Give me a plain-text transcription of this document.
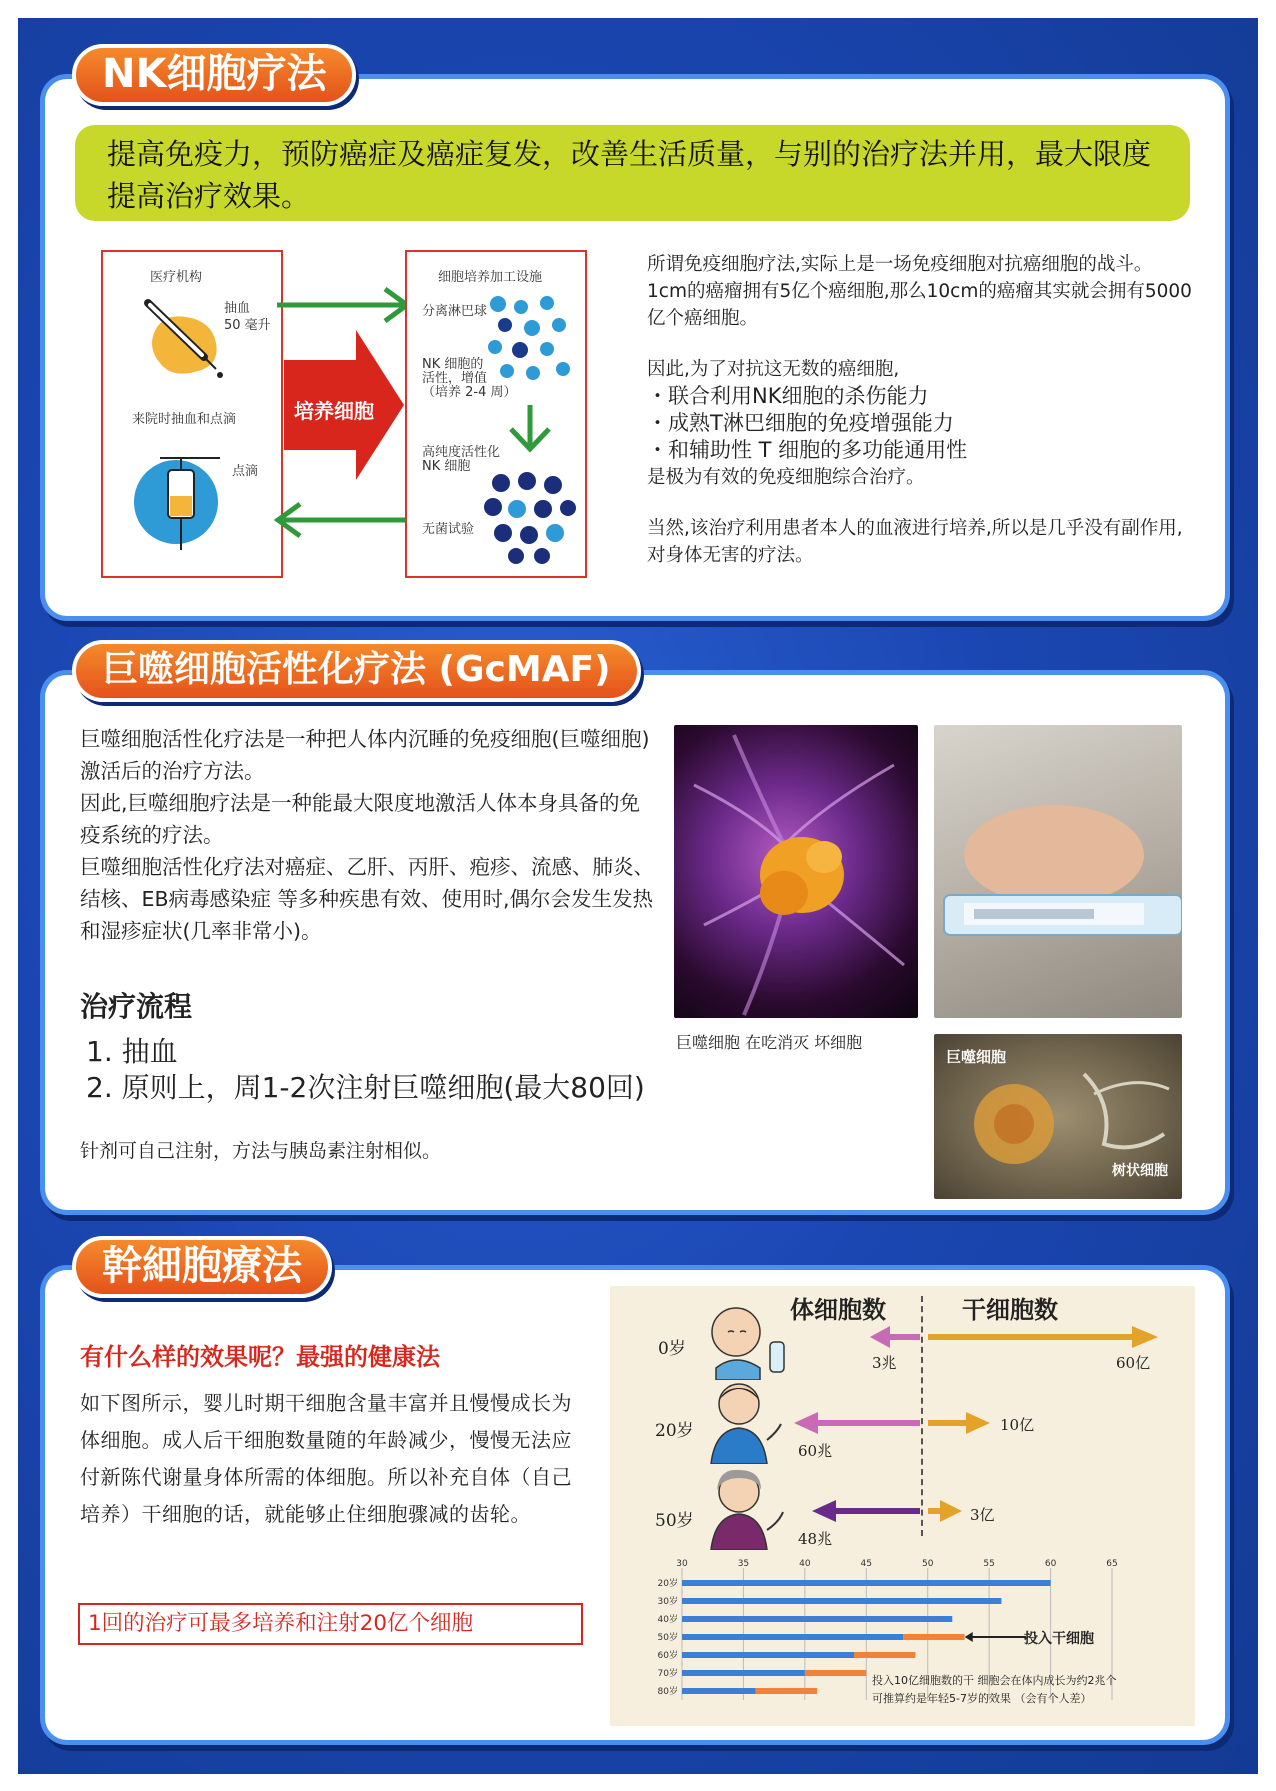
NK细胞疗法
提高免疫力，预防癌症及癌症复发，改善生活质量，与别的治疗法并用，最大限度提高治疗效果。
医疗机构
抽血
50 毫升
来院时抽血和点滴
点滴
培养细胞
细胞培养加工设施
分离淋巴球
NK 细胞的
活性，增值
（培养 2-4 周）
高纯度活性化
NK 细胞
无菌试验

所谓免疫细胞疗法,实际上是一场免疫细胞对抗癌细胞的战斗。

1cm的癌瘤拥有5亿个癌细胞,那么10cm的癌瘤其实就会拥有5000亿个癌细胞。

因此,为了对抗这无数的癌细胞,

・联合利用NK细胞的杀伤能力

・成熟T淋巴细胞的免疫增强能力

・和辅助性 T 细胞的多功能通用性

是极为有效的免疫细胞综合治疗。

当然,该治疗利用患者本人的血液进行培养,所以是几乎没有副作用,对身体无害的疗法。

巨噬细胞活性化疗法 (GcMAF)

巨噬细胞活性化疗法是一种把人体内沉睡的免疫细胞(巨噬细胞)激活后的治疗方法。

因此,巨噬细胞疗法是一种能最大限度地激活人体本身具备的免疫系统的疗法。

巨噬细胞活性化疗法对癌症、乙肝、丙肝、疱疹、流感、肺炎、结核、EB病毒感染症 等多种疾患有效、使用时,偶尔会发生发热和湿疹症状(几率非常小)。

治疗流程
1. 抽血
2. 原则上，周1-2次注射巨噬细胞(最大80回)
针剂可自己注射，方法与胰岛素注射相似。
巨噬细胞 在吃消灭 坏细胞
巨噬细胞
树状细胞
幹細胞療法
有什么样的效果呢？最强的健康法
如下图所示，婴儿时期干细胞含量丰富并且慢慢成长为体细胞。成人后干细胞数量随的年龄减少，慢慢无法应付新陈代谢量身体所需的体细胞。所以补充自体（自己培养）干细胞的话，就能够止住细胞骤减的齿轮。
1回的治疗可最多培养和注射20亿个细胞
体细胞数	干细胞数
0岁
3兆	60亿
20岁
60兆
10亿
50岁
48兆
3亿
30	35	40	45	50	55	60	65
20岁
30岁
40岁
50岁
60岁
70岁
80岁
投入干细胞
投入10亿细胞数的干 细胞会在体内成长为约2兆个
可推算约是年轻5-7岁的效果 （会有个人差）
